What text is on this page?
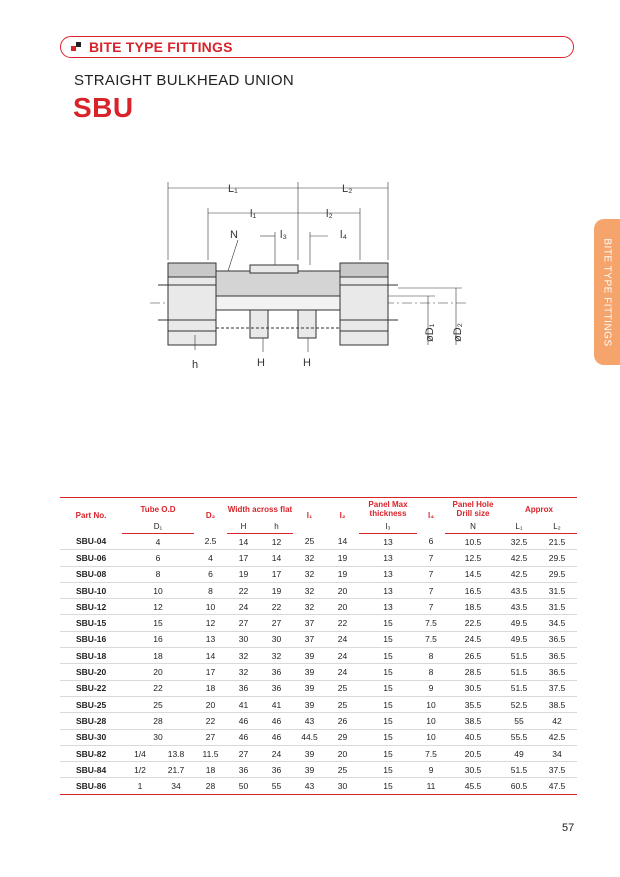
BITE TYPE FITTINGS
STRAIGHT BULKHEAD UNION
SBU
BITE TYPE FITTINGS
L₁	L₂
l₁	l₂
l₃	l₄
N
h	H	H
øD₁ øD₂
Part No.	Tube O.D		D₂	Width across flat		l₁	l₂	Panel Max thickness	l₄	Panel Hole Drill size	Approx	
	D₁			H	h			l₃		N	L₁	L₂
SBU-04	4		2.5	14	12	25	14	13	6	10.5	32.5	21.5
SBU-06	6		4	17	14	32	19	13	7	12.5	42.5	29.5
SBU-08	8		6	19	17	32	19	13	7	14.5	42.5	29.5
SBU-10	10		8	22	19	32	20	13	7	16.5	43.5	31.5
SBU-12	12		10	24	22	32	20	13	7	18.5	43.5	31.5
SBU-15	15		12	27	27	37	22	15	7.5	22.5	49.5	34.5
SBU-16	16		13	30	30	37	24	15	7.5	24.5	49.5	36.5
SBU-18	18		14	32	32	39	24	15	8	26.5	51.5	36.5
SBU-20	20		17	32	36	39	24	15	8	28.5	51.5	36.5
SBU-22	22		18	36	36	39	25	15	9	30.5	51.5	37.5
SBU-25	25		20	41	41	39	25	15	10	35.5	52.5	38.5
SBU-28	28		22	46	46	43	26	15	10	38.5	55	42
SBU-30	30		27	46	46	44.5	29	15	10	40.5	55.5	42.5
SBU-82	1/4	13.8	11.5	27	24	39	20	15	7.5	20.5	49	34
SBU-84	1/2	21.7	18	36	36	39	25	15	9	30.5	51.5	37.5
SBU-86	1	34	28	50	55	43	30	15	11	45.5	60.5	47.5
57
